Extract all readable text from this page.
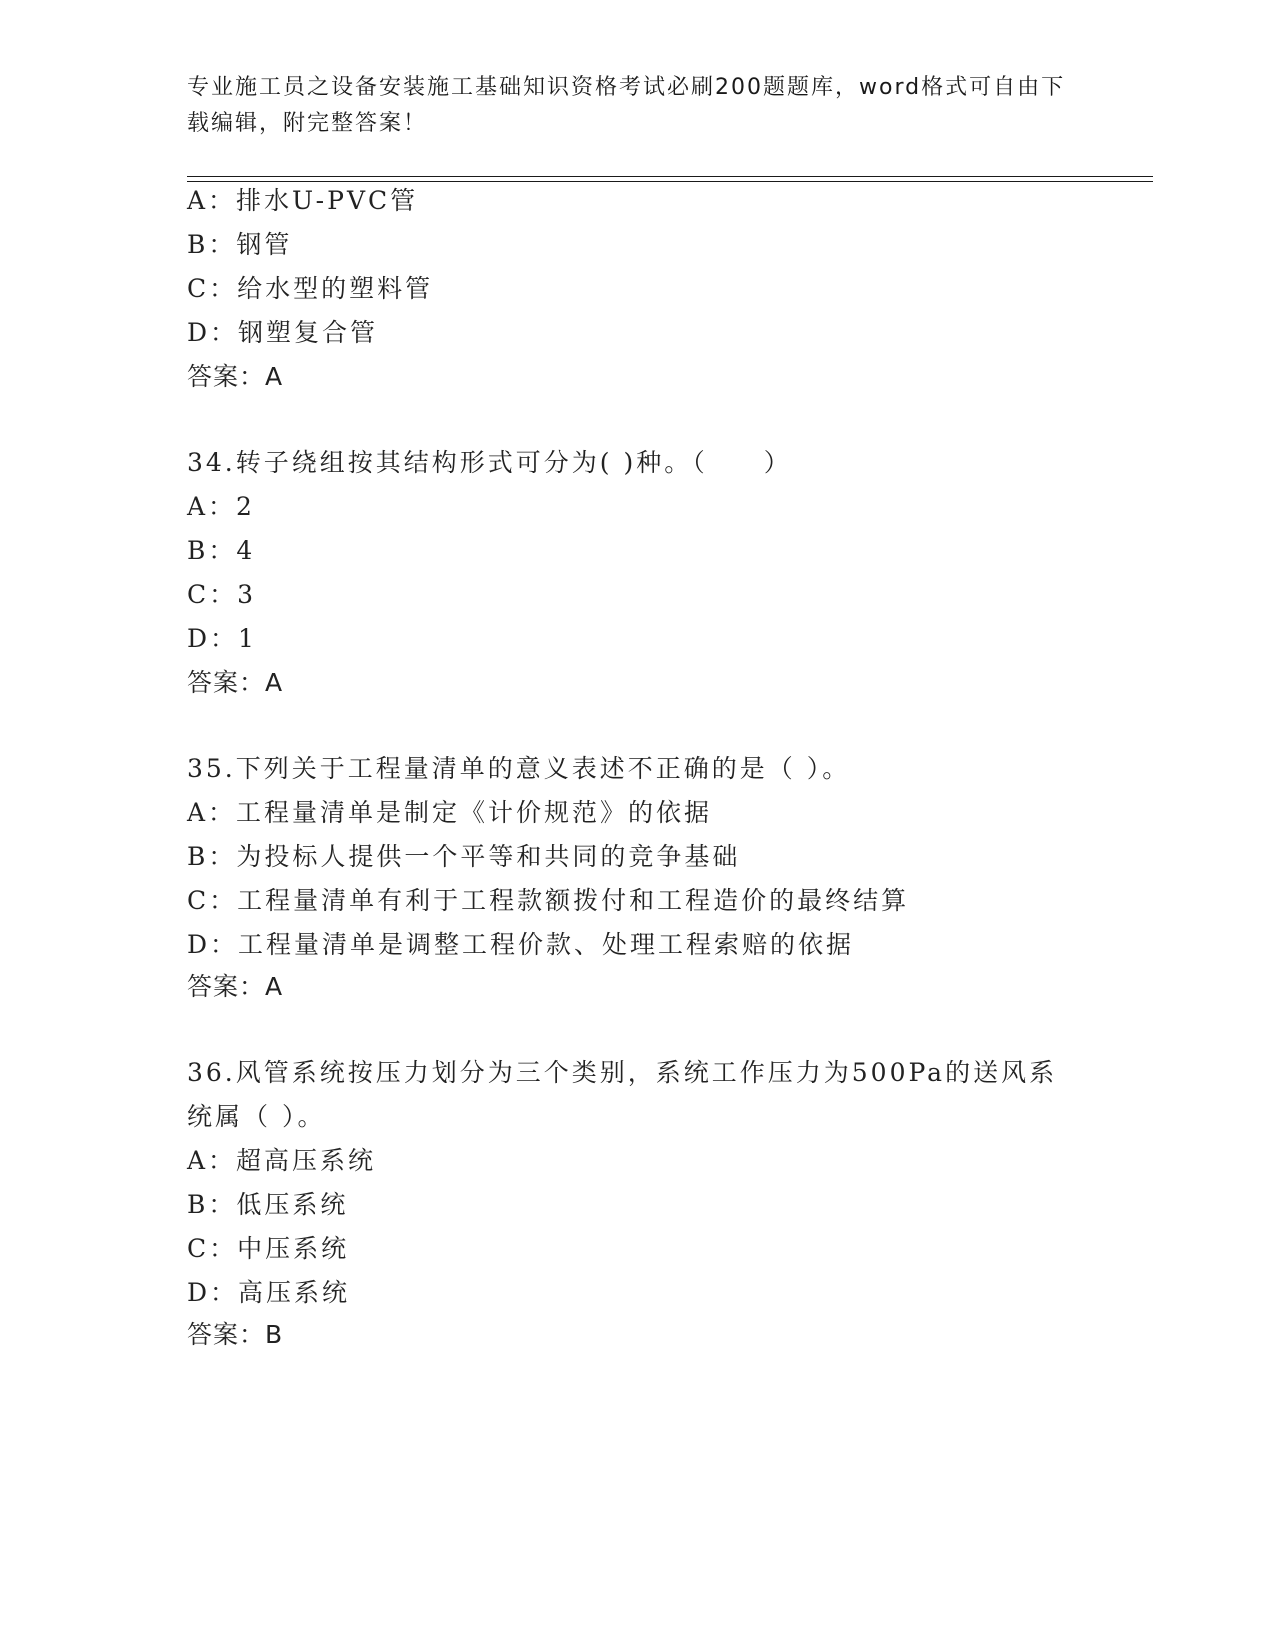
专业施工员之设备安装施工基础知识资格考试必刷200题题库，word格式可自由下载编辑，附完整答案！
A：排水U-PVC管
B：钢管
C：给水型的塑料管
D：钢塑复合管
答案：A
34.转子绕组按其结构形式可分为( )种。（　　）
A：2
B：4
C：3
D：1
答案：A
35.下列关于工程量清单的意义表述不正确的是（ ）。
A：工程量清单是制定《计价规范》的依据
B：为投标人提供一个平等和共同的竞争基础
C：工程量清单有利于工程款额拨付和工程造价的最终结算
D：工程量清单是调整工程价款、处理工程索赔的依据
答案：A
36.风管系统按压力划分为三个类别，系统工作压力为500Pa的送风系
统属（ ）。
A：超高压系统
B：低压系统
C：中压系统
D：高压系统
答案：B
